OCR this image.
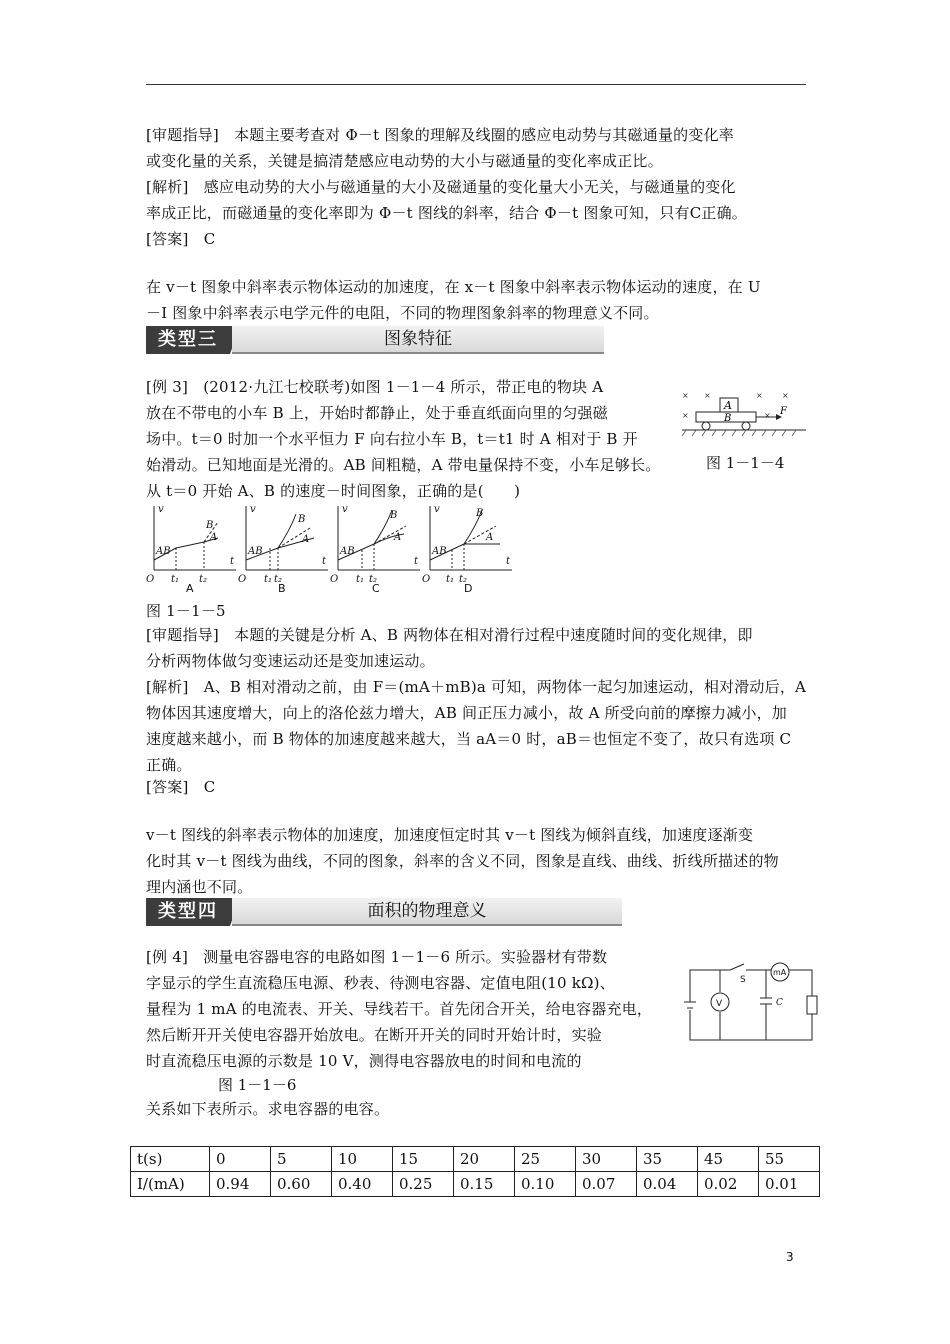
[审题指导]　本题主要考查对 Φ－t 图象的理解及线圈的感应电动势与其磁通量的变化率
或变化量的关系，关键是搞清楚感应电动势的大小与磁通量的变化率成正比。
[解析]　感应电动势的大小与磁通量的大小及磁通量的变化量大小无关，与磁通量的变化
率成正比，而磁通量的变化率即为 Φ－t 图线的斜率，结合 Φ－t 图象可知，只有C正确。
[答案]　C
在 v－t 图象中斜率表示物体运动的加速度，在 x－t 图象中斜率表示物体运动的速度，在 U
－I 图象中斜率表示电学元件的电阻，不同的物理图象斜率的物理意义不同。
类型三	图象特征
[例 3]　(2012·九江七校联考)如图 1－1－4 所示，带正电的物块 A
放在不带电的小车 B 上，开始时都静止，处于垂直纸面向里的匀强磁
场中。t＝0 时加一个水平恒力 F 向右拉小车 B，t＝t1 时 A 相对于 B 开
始滑动。已知地面是光滑的。AB 间粗糙，A 带电量保持不变，小车足够长。
从 t＝0 开始 A、B 的速度－时间图象，正确的是(　　)
× ×	× ×
×	×
A
B
F
图 1－1－4
v	v	v	v
t	t	t	t
O	O	O	O
t₁ t₂	t₁ t₂	t₁ t₂	t₁ t₂
AB	AB	AB	AB
B
B	B	B
A	A	A	A
A	B	C	D
图 1－1－5
[审题指导]　本题的关键是分析 A、B 两物体在相对滑行过程中速度随时间的变化规律，即
分析两物体做匀变速运动还是变加速运动。
[解析]　A、B 相对滑动之前，由 F＝(mA＋mB)a 可知，两物体一起匀加速运动，相对滑动后，A
物体因其速度增大，向上的洛伦兹力增大，AB 间正压力减小，故 A 所受向前的摩擦力减小，加
速度越来越小，而 B 物体的加速度越来越大，当 aA＝0 时，aB＝也恒定不变了，故只有选项 C
正确。
[答案]　C
v－t 图线的斜率表示物体的加速度，加速度恒定时其 v－t 图线为倾斜直线，加速度逐渐变
化时其 v－t 图线为曲线，不同的图象，斜率的含义不同，图象是直线、曲线、折线所描述的物
理内涵也不同。
类型四	面积的物理意义
[例 4]　测量电容器电容的电路如图 1－1－6 所示。实验器材有带数
字显示的学生直流稳压电源、秒表、待测电容器、定值电阻(10 kΩ)、
量程为 1 mA 的电流表、开关、导线若干。首先闭合开关，给电容器充电，
然后断开开关使电容器开始放电。在断开开关的同时开始计时，实验
时直流稳压电源的示数是 10 V，测得电容器放电的时间和电流的
S
V	C
mA
图 1－1－6
关系如下表所示。求电容器的电容。
t(s)	0	5	10	15	20	25	30	35	45	55
I/(mA)	0.94	0.60	0.40	0.25	0.15	0.10	0.07	0.04	0.02	0.01
3
